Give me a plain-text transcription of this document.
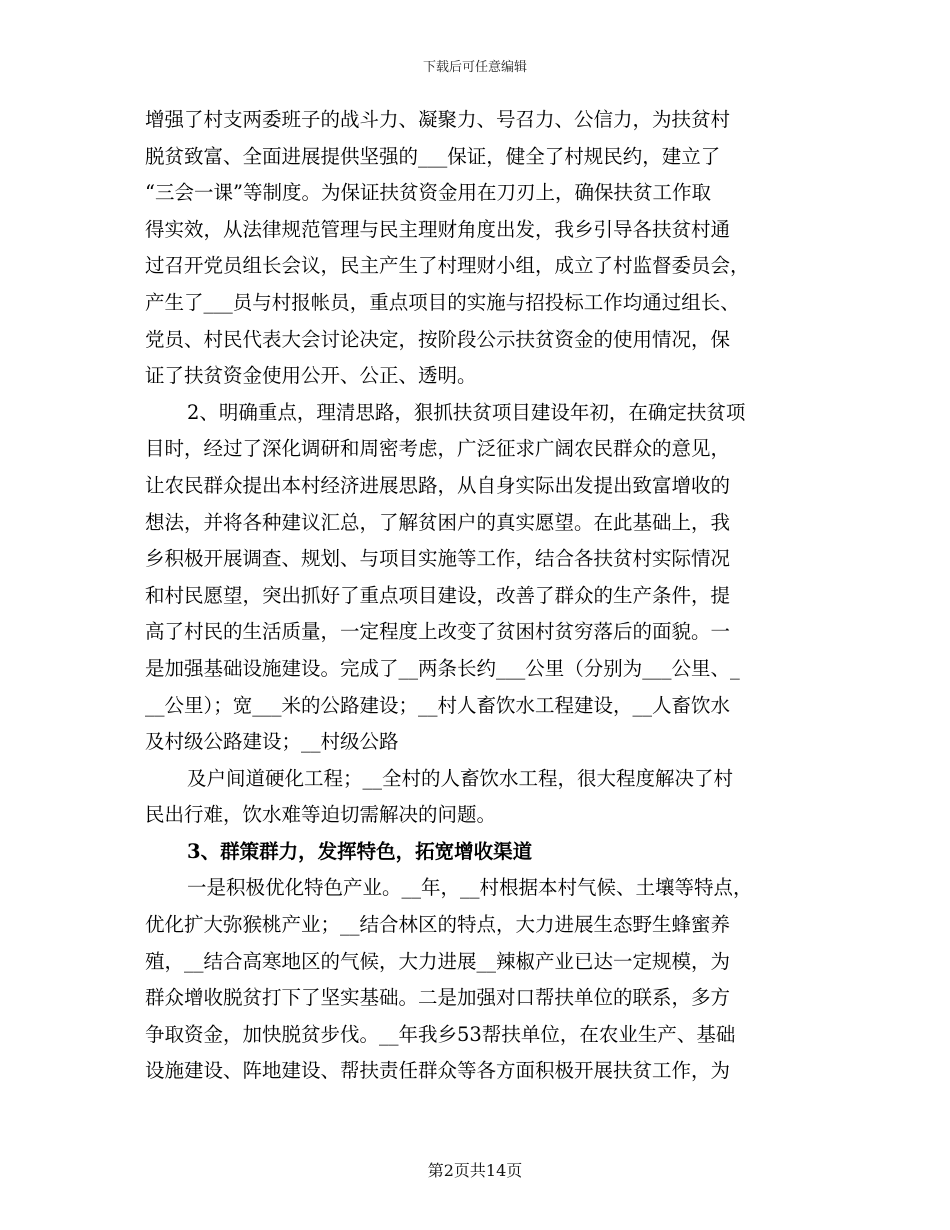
下载后可任意编辑
增强了村支两委班子的战斗力、凝聚力、号召力、公信力，为扶贫村
脱贫致富、全面进展提供坚强的___保证，健全了村规民约，建立了
“三会一课”等制度。为保证扶贫资金用在刀刃上，确保扶贫工作取
得实效，从法律规范管理与民主理财角度出发，我乡引导各扶贫村通
过召开党员组长会议，民主产生了村理财小组，成立了村监督委员会，
产生了___员与村报帐员，重点项目的实施与招投标工作均通过组长、
党员、村民代表大会讨论决定，按阶段公示扶贫资金的使用情况，保
证了扶贫资金使用公开、公正、透明。
2、明确重点，理清思路，狠抓扶贫项目建设年初，在确定扶贫项
目时，经过了深化调研和周密考虑，广泛征求广阔农民群众的意见，
让农民群众提出本村经济进展思路，从自身实际出发提出致富增收的
想法，并将各种建议汇总，了解贫困户的真实愿望。在此基础上，我
乡积极开展调查、规划、与项目实施等工作，结合各扶贫村实际情况
和村民愿望，突出抓好了重点项目建设，改善了群众的生产条件，提
高了村民的生活质量，一定程度上改变了贫困村贫穷落后的面貌。一
是加强基础设施建设。完成了__两条长约___公里（分别为___公里、_
__公里）；宽___米的公路建设；__村人畜饮水工程建设，__人畜饮水
及村级公路建设；__村级公路
及户间道硬化工程；__全村的人畜饮水工程，很大程度解决了村
民出行难，饮水难等迫切需解决的问题。
3、群策群力，发挥特色，拓宽增收渠道
一是积极优化特色产业。__年，__村根据本村气候、土壤等特点，
优化扩大弥猴桃产业；__结合林区的特点，大力进展生态野生蜂蜜养
殖，__结合高寒地区的气候，大力进展__辣椒产业已达一定规模，为
群众增收脱贫打下了坚实基础。二是加强对口帮扶单位的联系，多方
争取资金，加快脱贫步伐。__年我乡53帮扶单位，在农业生产、基础
设施建设、阵地建设、帮扶责任群众等各方面积极开展扶贫工作，为
第2页共14页
